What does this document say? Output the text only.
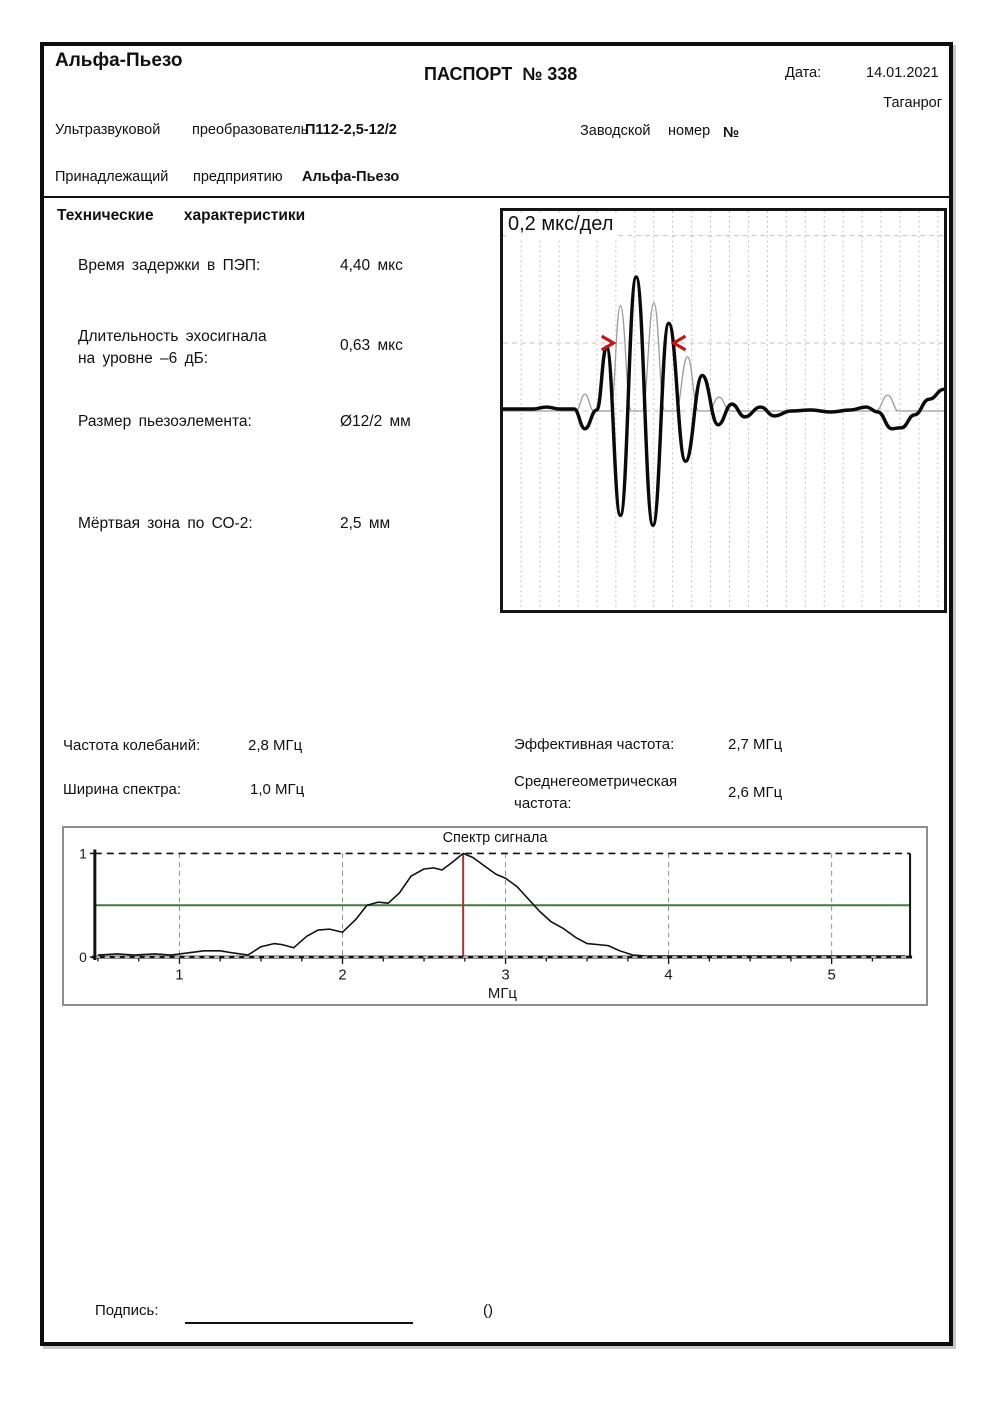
Альфа-Пьезо
ПАСПОРТ  № 338	Дата:	14.01.2021
Таганрог
Ультразвуковой преобразователь
П112-2,5-12/2	Заводской номер №
Принадлежащий предприятию Альфа-Пьезо
Технические характеристики
Время задержки в ПЭП:	4,40 мкс
Длительность эхосигнала
на уровне –6 дБ:
0,63 мкс
Размер пьезоэлемента:	Ø12/2 мм
Мёртвая зона по СО-2:	2,5 мм
0,2 мкс/дел
Частота колебаний:	2,8 МГц
Ширина спектра:	1,0 МГц
Эффективная частота:	2,7 МГц
Среднегеометрическая
частота:
2,6 МГц
1	2	3	4	5
0
1
МГц
Спектр сигнала
Подпись:	()
